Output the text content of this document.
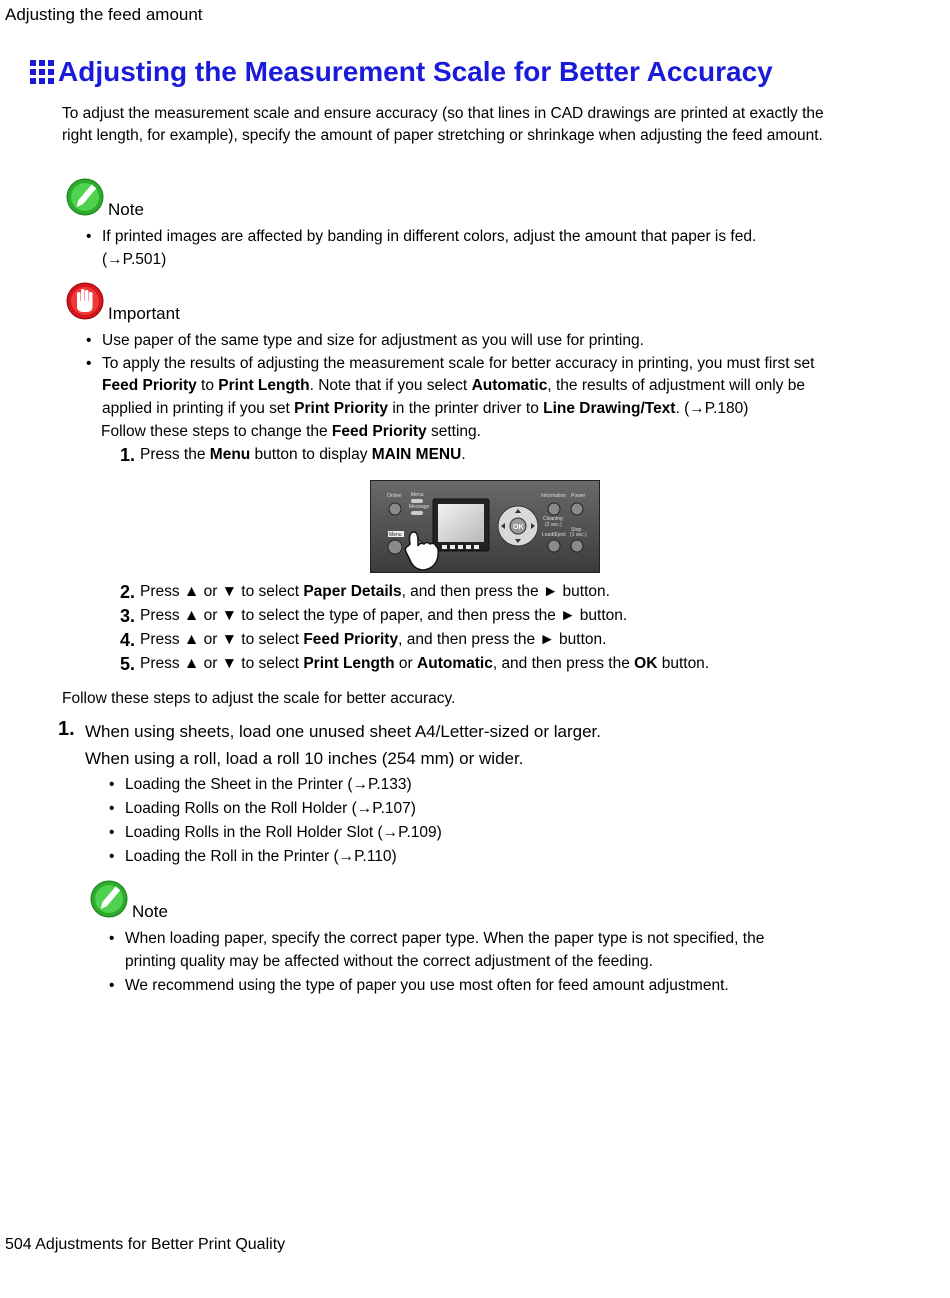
Adjusting the feed amount
Adjusting the Measurement Scale for Better Accuracy
To adjust the measurement scale and ensure accuracy (so that lines in CAD drawings are printed at exactly the right length, for example), specify the amount of paper stretching or shrinkage when adjusting the feed amount.
Note
• If printed images are affected by banding in different colors, adjust the amount that paper is fed. (→P.501)
Important
• Use paper of the same type and size for adjustment as you will use for printing.
• To apply the results of adjusting the measurement scale for better accuracy in printing, you must first set Feed Priority to Print Length. Note that if you select Automatic, the results of adjustment will only be applied in printing if you set Print Priority in the printer driver to Line Drawing/Text. (→P.180)
Follow these steps to change the Feed Priority setting.
1. Press the Menu button to display MAIN MENU.
Online Menu
Message
Information Power
Cleaning
(3 sec.)
Load/Eject
Stop
(1 sec.)
Menu
OK
2. Press ▲ or ▼ to select Paper Details, and then press the ► button.
3. Press ▲ or ▼ to select the type of paper, and then press the ► button.
4. Press ▲ or ▼ to select Feed Priority, and then press the ► button.
5. Press ▲ or ▼ to select Print Length or Automatic, and then press the OK button.
Follow these steps to adjust the scale for better accuracy.
1. When using sheets, load one unused sheet A4/Letter-sized or larger.
When using a roll, load a roll 10 inches (254 mm) or wider.
• Loading the Sheet in the Printer (→P.133)
• Loading Rolls on the Roll Holder (→P.107)
• Loading Rolls in the Roll Holder Slot (→P.109)
• Loading the Roll in the Printer (→P.110)
Note
• When loading paper, specify the correct paper type. When the paper type is not specified, the printing quality may be affected without the correct adjustment of the feeding.
• We recommend using the type of paper you use most often for feed amount adjustment.
504 Adjustments for Better Print Quality
